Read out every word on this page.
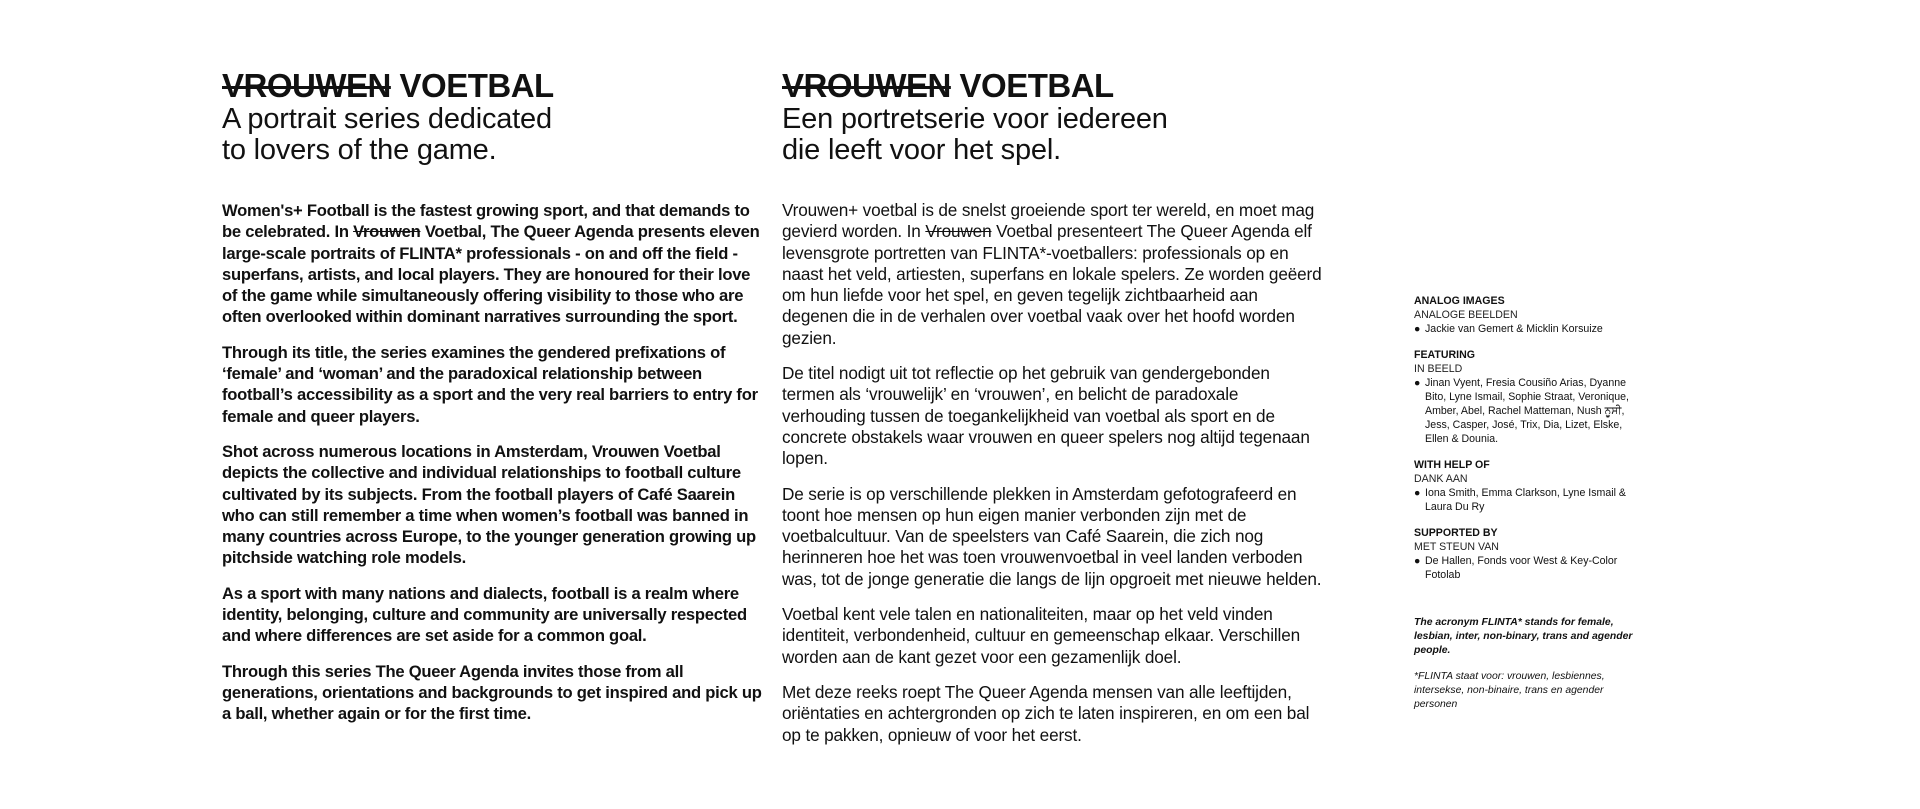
VROUWEN VOETBAL
A portrait series dedicated
to lovers of the game.

Women's+ Football is the fastest growing sport, and that demands to be celebrated. In Vrouwen Voetbal, The Queer Agenda presents eleven large-scale portraits of FLINTA* professionals - on and off the field - superfans, artists, and local players. They are honoured for their love of the game while simultaneously offering visibility to those who are often overlooked within dominant narratives surrounding the sport.

Through its title, the series examines the gendered prefixations of ‘female’ and ‘woman’ and the paradoxical relationship between football’s accessibility as a sport and the very real barriers to entry for female and queer players.

Shot across numerous locations in Amsterdam, Vrouwen Voetbal depicts the collective and individual relationships to football culture cultivated by its subjects. From the football players of Café Saarein who can still remember a time when women’s football was banned in many countries across Europe, to the younger generation growing up pitchside watching role models.

As a sport with many nations and dialects, football is a realm where identity, belonging, culture and community are universally respected and where differences are set aside for a common goal.

Through this series The Queer Agenda invites those from all generations, orientations and backgrounds to get inspired and pick up a ball, whether again or for the first time.

VROUWEN VOETBAL
Een portretserie voor iedereen
die leeft voor het spel.

Vrouwen+ voetbal is de snelst groeiende sport ter wereld, en moet mag gevierd worden. In Vrouwen Voetbal presenteert The Queer Agenda elf levensgrote portretten van FLINTA*-voetballers: professionals op en naast het veld, artiesten, superfans en lokale spelers. Ze worden geëerd om hun liefde voor het spel, en geven tegelijk zichtbaarheid aan degenen die in de verhalen over voetbal vaak over het hoofd worden gezien.

De titel nodigt uit tot reflectie op het gebruik van gendergebonden termen als ‘vrouwelijk’ en ‘vrouwen’, en belicht de paradoxale verhouding tussen de toegankelijkheid van voetbal als sport en de concrete obstakels waar vrouwen en queer spelers nog altijd tegenaan lopen.

De serie is op verschillende plekken in Amsterdam gefotografeerd en toont hoe mensen op hun eigen manier verbonden zijn met de voetbalcultuur. Van de speelsters van Café Saarein, die zich nog herinneren hoe het was toen vrouwenvoetbal in veel landen verboden was, tot de jonge generatie die langs de lijn opgroeit met nieuwe helden.

Voetbal kent vele talen en nationaliteiten, maar op het veld vinden identiteit, verbondenheid, cultuur en gemeenschap elkaar. Verschillen worden aan de kant gezet voor een gezamenlijk doel.

Met deze reeks roept The Queer Agenda mensen van alle leeftijden, oriëntaties en achtergronden op zich te laten inspireren, en om een bal op te pakken, opnieuw of voor het eerst.

ANALOG IMAGES

ANALOGE BEELDEN

● Jackie van Gemert & Micklin Korsuize

FEATURING

IN BEELD

● Jinan Vyent, Fresia Cousiño Arias, Dyanne Bito, Lyne Ismail, Sophie Straat, Veronique, Amber, Abel, Rachel Matteman, Nush ਨੂਸੀ, Jess, Casper, José, Trix, Dia, Lizet, Elske, Ellen & Dounia.

WITH HELP OF

DANK AAN

● Iona Smith, Emma Clarkson, Lyne Ismail & Laura Du Ry

SUPPORTED BY

MET STEUN VAN

● De Hallen, Fonds voor West & Key-Color Fotolab

The acronym FLINTA* stands for female, lesbian, inter, non-binary, trans and agender people.

*FLINTA staat voor: vrouwen, lesbiennes, intersekse, non-binaire, trans en agender personen
